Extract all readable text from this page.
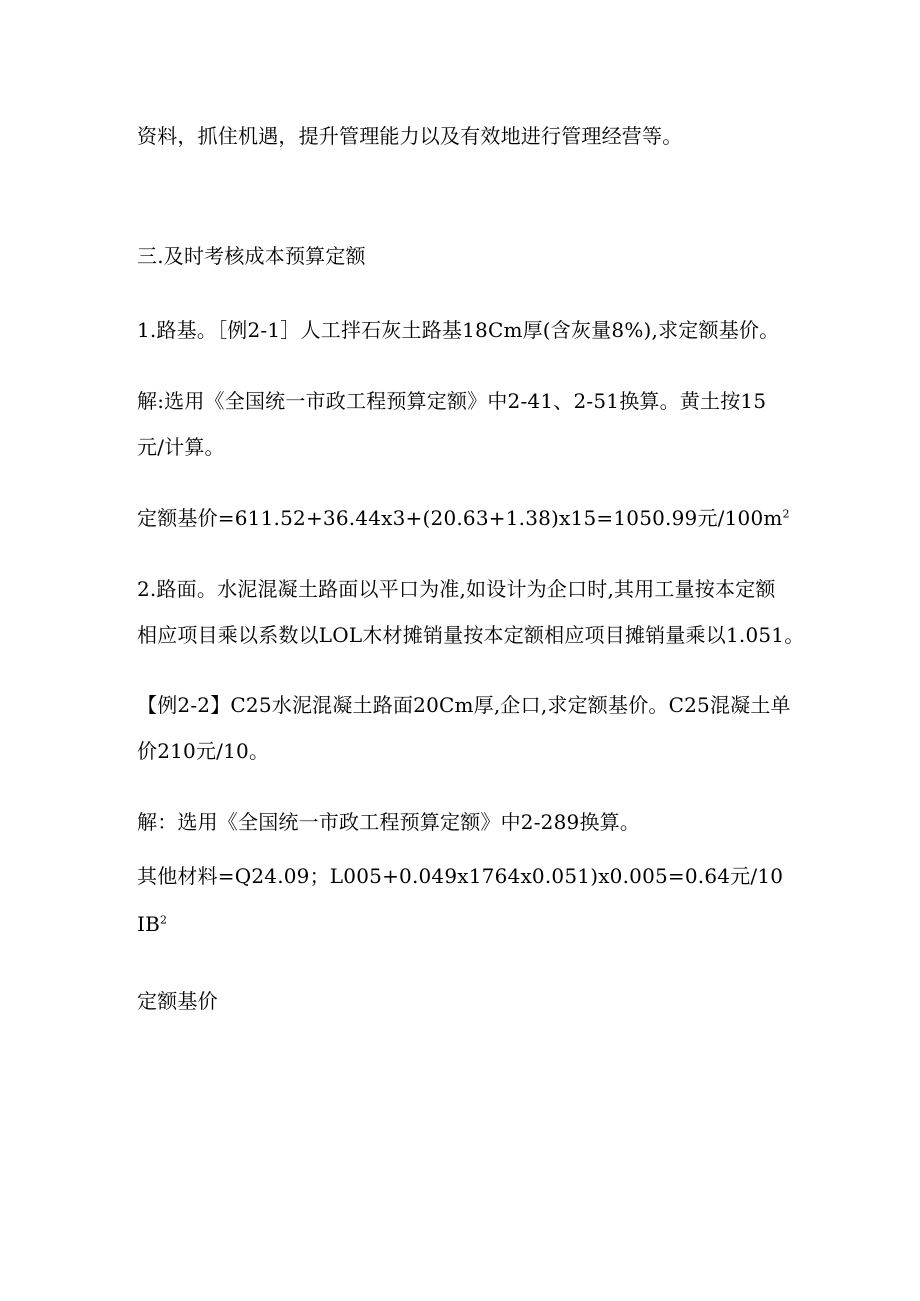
资料，抓住机遇，提升管理能力以及有效地进行管理经营等。
三.及时考核成本预算定额
1.路基。［例2-1］人工拌石灰土路基18Cm厚(含灰量8%),求定额基价。
解:选用《全国统一市政工程预算定额》中2-41、2-51换算。黄土按15
元/计算。
定额基价=611.52+36.44x3+(20.63+1.38)x15=1050.99元$/100m^2$
2.路面。水泥混凝土路面以平口为准,如设计为企口时,其用工量按本定额
相应项目乘以系数以LOL木材摊销量按本定额相应项目摊销量乘以1.051。
【例2-2】C25水泥混凝土路面20Cm厚,企口,求定额基价。C25混凝土单
价210元/10。
解：选用《全国统一市政工程预算定额》中2-289换算。
其他材料=Q24.09；L005+0.049x1764x0.051)x0.005=0.64元/10
$IB^2$
定额基价
